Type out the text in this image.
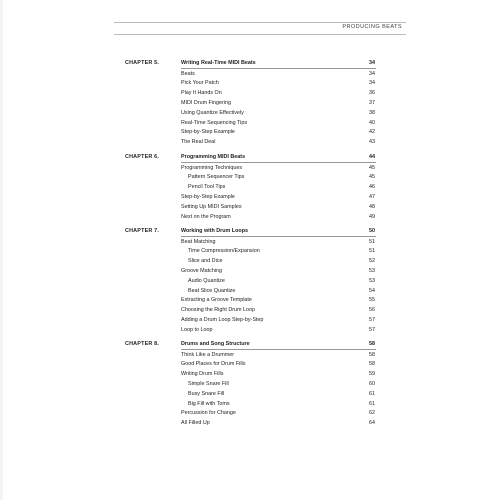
PRODUCING BEATS
CHAPTER 5.	Writing Real-Time MIDI Beats	34
Beats	34
Pick Your Patch	34
Play It Hands On	36
MIDI Drum Fingering	37
Using Quantize Effectively	38
Real-Time Sequencing Tips	40
Step-by-Step Example	42
The Real Deal	43
CHAPTER 6.	Programming MIDI Beats	44
Programming Techniques	45
Pattern Sequencer Tips	45
Pencil Tool Tips	46
Step-by-Step Example	47
Setting Up MIDI Samples	48
Next on the Program	49
CHAPTER 7.	Working with Drum Loops	50
Beat Matching	51
Time Compression/Expansion	51
Slice and Dice	52
Groove Matching	53
Audio Quantize	53
Beat Slice Quantize	54
Extracting a Groove Template	55
Choosing the Right Drum Loop	56
Adding a Drum Loop Step-by-Step	57
Loop to Loop	57
CHAPTER 8.	Drums and Song Structure	58
Think Like a Drummer	58
Good Places for Drum Fills	58
Writing Drum Fills	59
Simple Snare Fill	60
Busy Snare Fill	61
Big Fill with Toms	61
Percussion for Change	62
All Filled Up	64
